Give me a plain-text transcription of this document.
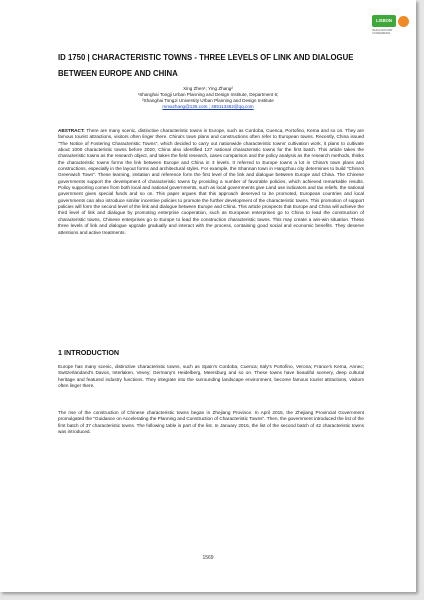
LISBON
ISUFH-ISOCARP CONFERENCE
ID 1750 | CHARACTERISTIC TOWNS - THREE LEVELS OF LINK AND DIALOGUE BETWEEN EUROPE AND CHINA
Xing Zhen¹; Ying Zhang²
¹Shanghai Tongji Urban Planning and Design Institute, Department 6;
²Shanghai TongJi University Urban Planning and Design Institute
mmazhang@126.com ; 495113462@qq.com

ABSTRACT: There are many scenic, distinctive characteristic towns in Europe, such as Cordoba, Cuenca, Portofino, Kema and so on. They are famous tourist attractions, visitors often linger there. China's town plans and constructions often refer to European towns. Recently, China issued "The Notice of Fostering Characteristic Towns", which decided to carry out nationwide characteristic towns' cultivation work, it plans to cultivate about 1000 characteristic towns before 2020, China also identified 127 national characteristic towns for the first batch. This article takes the characteristic towns as the research object, and takes the field research, cases comparison and the policy analysis as the research methods, thinks the characteristic towns forms the link between Europe and China in 3 levels. It referred to Europe towns a lot in China's town plans and constructions, especially in the layout forms and architectural styles. For example, the Shannan town in Hangzhou city determines to build "China's Greenwich Town". These learning, imitation and reference form the first level of the link and dialogue between Europe and China. The Chinese governments support the development of characteristic towns by providing a number of favorable policies, which achieved remarkable results. Policy supporting comes from both local and national governments, such as local governments give Land use indicators and tax reliefs, the national government gives special funds and so on. This paper argues that this approach deserved to be promoted, European countries and local governments can also introduce similar incentive policies to promote the further development of the characteristic towns. This promotion of support policies will form the second level of the link and dialogue between Europe and China. This article prospects that Europe and China will achieve the third level of link and dialogue by promoting enterprise cooperation, such as European enterprises go to China to lead the construction of characteristic towns, Chinese enterprises go to Europe to lead the construction characteristic towns. This may create a win-win situation. These three levels of link and dialogue upgrade gradually and interact with the process, containing good social and economic benefits. They deserve attentions and active treatments.

1 INTRODUCTION

Europe has many scenic, distinctive characteristic towns, such as Spain's Cordoba, Cuenca; Italy's Portofino, Verona; France's Kema, Annec; Switzerlandand's Davos, Interlaken, Vevey; Germany's Heidelberg, Meersburg and so on. These towns have beautiful scenery, deep cultural heritage and featured industry functions. They integrate into the surrounding landscape environment, become famous tourist attractions, visitors often linger there.

The rise of the construction of Chinese characteristic towns began in Zhejiang Province. In April 2015, the Zhejiang Provincial Government promulgated the "Guidance on Accelerating the Planning and Construction of Characteristic Towns". Then, the government introduced the list of the first batch of 37 characteristic towns. The following table is part of the list. In January 2016, the list of the second batch of 42 characteristic towns was introduced.

1569
